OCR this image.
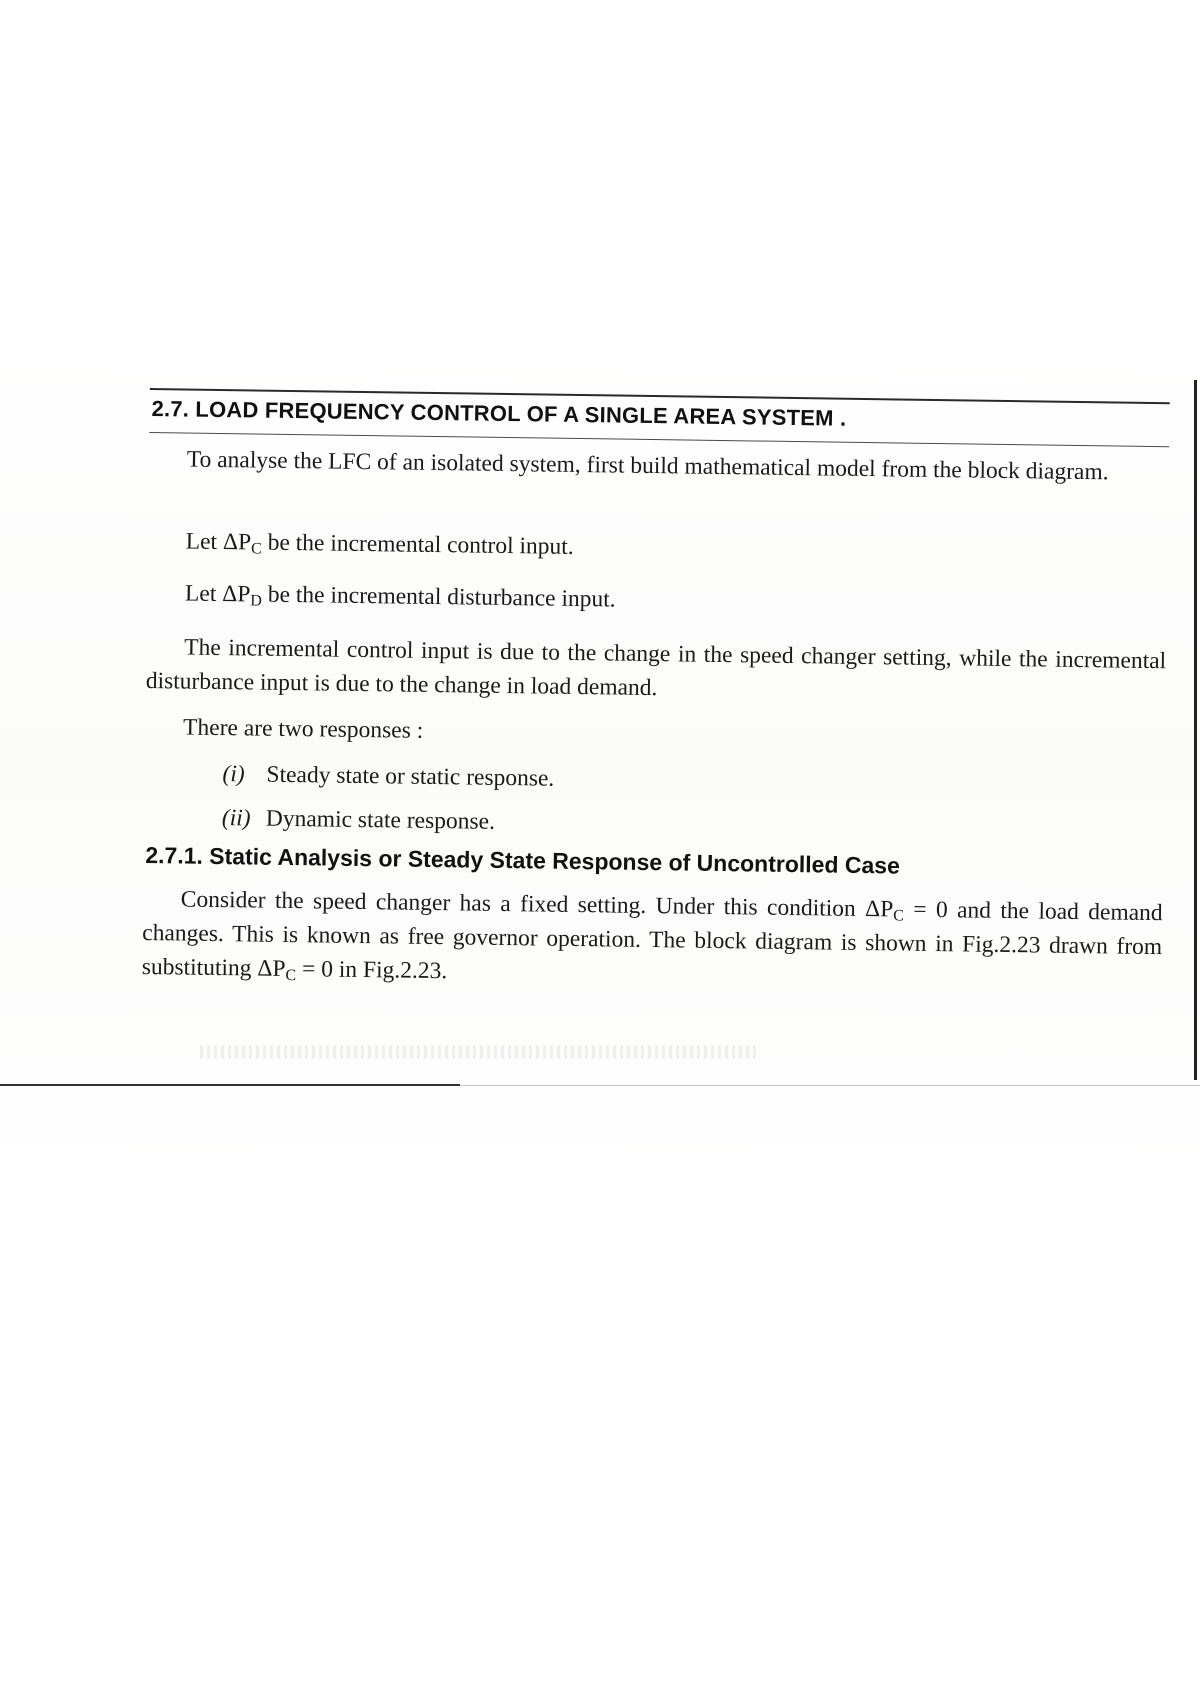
2.7. LOAD FREQUENCY CONTROL OF A SINGLE AREA SYSTEM .
To analyse the LFC of an isolated system, first build mathematical model from the block diagram.
Let $\Delta P_C$ be the incremental control input.
Let $\Delta P_D$ be the incremental disturbance input.
The incremental control input is due to the change in the speed changer setting, while the incremental disturbance input is due to the change in load demand.
There are two responses :
(i) Steady state or static response.
(ii) Dynamic state response.
2.7.1. Static Analysis or Steady State Response of Uncontrolled Case
Consider the speed changer has a fixed setting. Under this condition $\Delta P_C = 0$ and the load demand changes. This is known as free governor operation. The block diagram is shown in Fig.2.23 drawn from substituting $\Delta P_C = 0$ in Fig.2.23.
